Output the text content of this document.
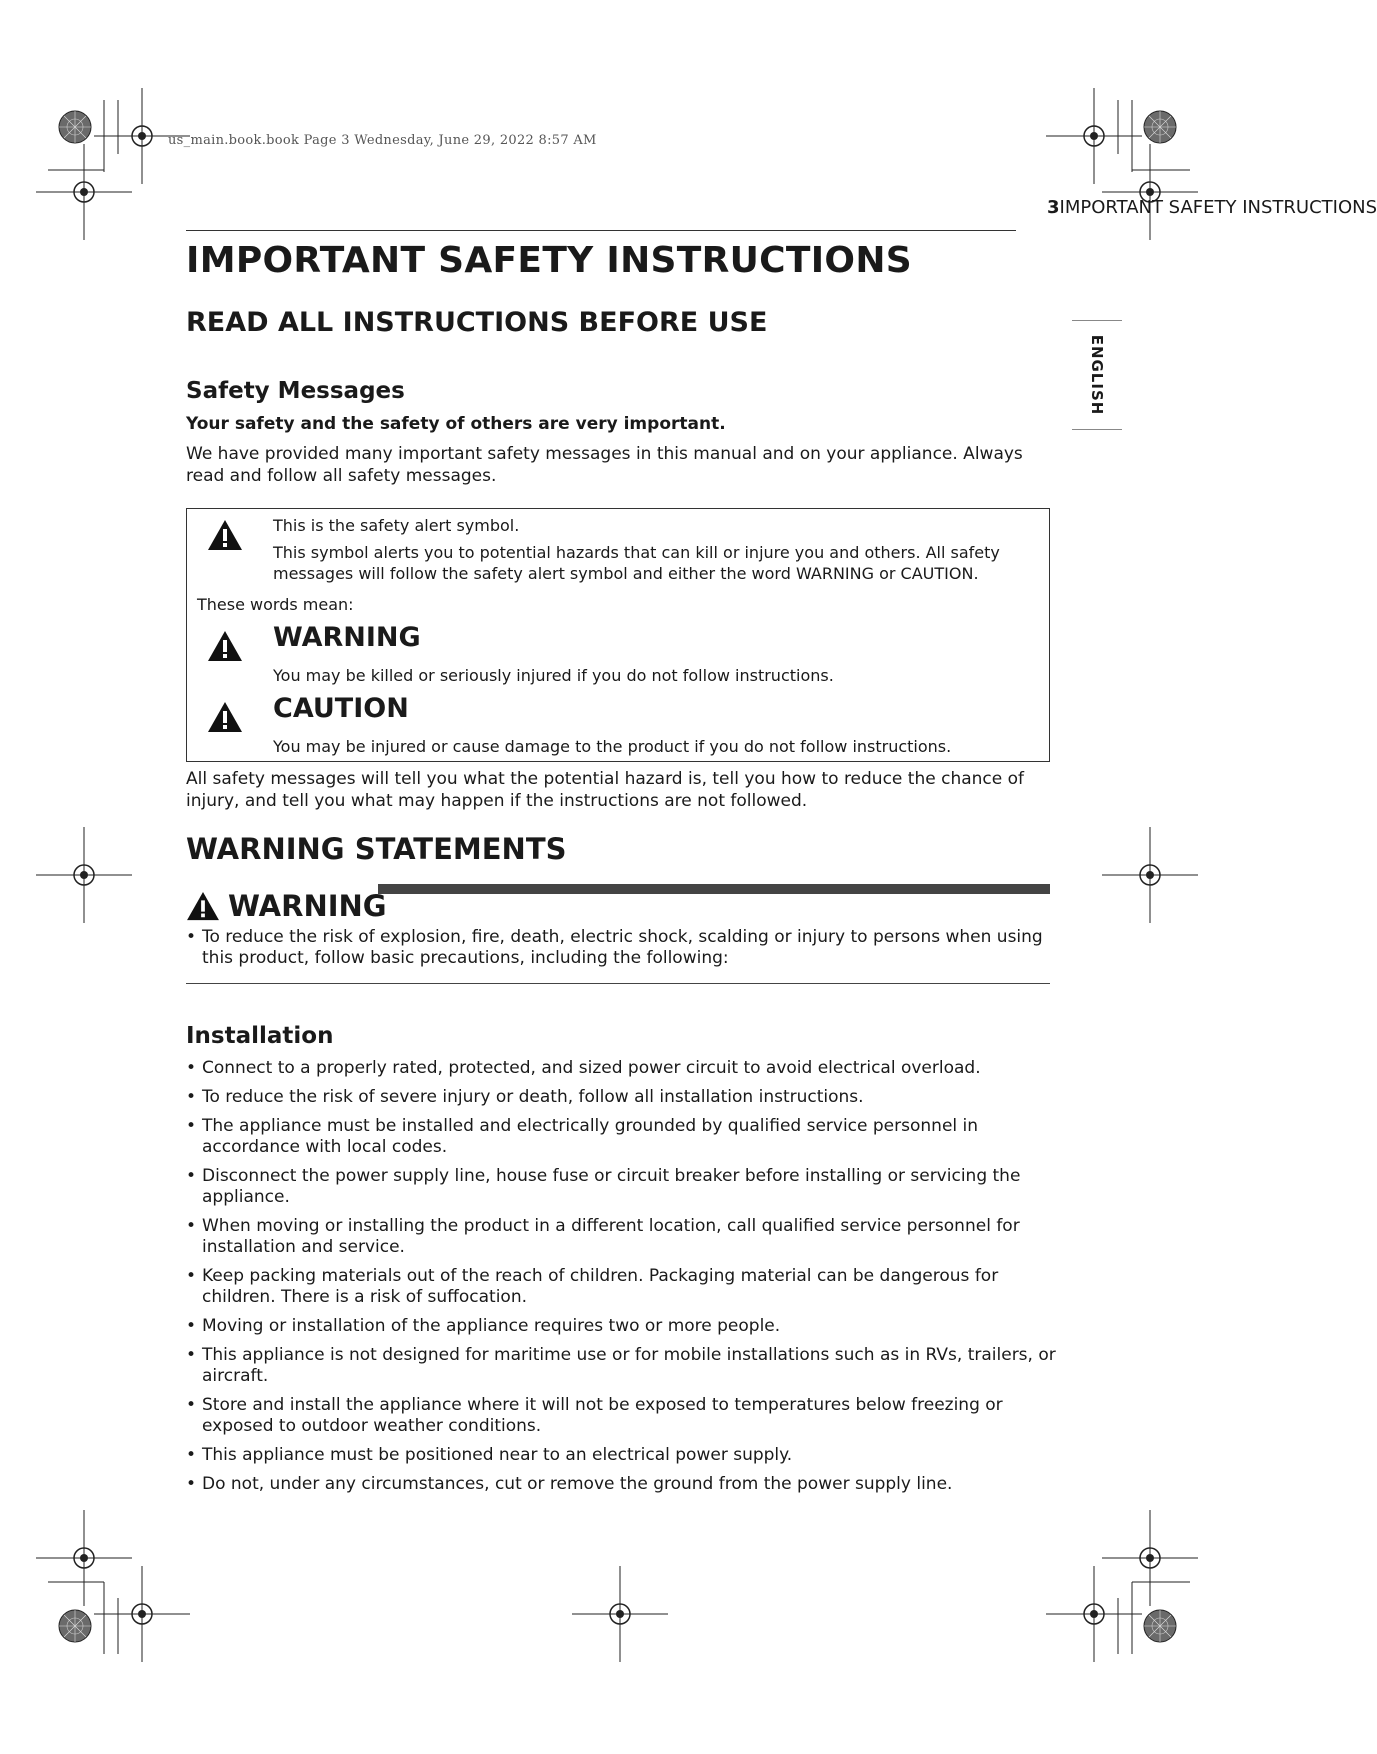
us_main.book.book Page 3 Wednesday, June 29, 2022 8:57 AM
3IMPORTANT SAFETY INSTRUCTIONS
ENGLISH
IMPORTANT SAFETY INSTRUCTIONS
READ ALL INSTRUCTIONS BEFORE USE
Safety Messages
Your safety and the safety of others are very important.
We have provided many important safety messages in this manual and on your appliance. Always read and follow all safety messages.
This is the safety alert symbol.
This symbol alerts you to potential hazards that can kill or injure you and others. All safety messages will follow the safety alert symbol and either the word WARNING or CAUTION.
These words mean:
WARNING
You may be killed or seriously injured if you do not follow instructions.
CAUTION
You may be injured or cause damage to the product if you do not follow instructions.
All safety messages will tell you what the potential hazard is, tell you how to reduce the chance of injury, and tell you what may happen if the instructions are not followed.
WARNING STATEMENTS
WARNING
• To reduce the risk of explosion, fire, death, electric shock, scalding or injury to persons when using this product, follow basic precautions, including the following:
Installation
• Connect to a properly rated, protected, and sized power circuit to avoid electrical overload.
• To reduce the risk of severe injury or death, follow all installation instructions.
• The appliance must be installed and electrically grounded by qualified service personnel in accordance with local codes.
• Disconnect the power supply line, house fuse or circuit breaker before installing or servicing the appliance.
• When moving or installing the product in a different location, call qualified service personnel for installation and service.
• Keep packing materials out of the reach of children. Packaging material can be dangerous for children. There is a risk of suffocation.
• Moving or installation of the appliance requires two or more people.
• This appliance is not designed for maritime use or for mobile installations such as in RVs, trailers, or aircraft.
• Store and install the appliance where it will not be exposed to temperatures below freezing or exposed to outdoor weather conditions.
• This appliance must be positioned near to an electrical power supply.
• Do not, under any circumstances, cut or remove the ground from the power supply line.
